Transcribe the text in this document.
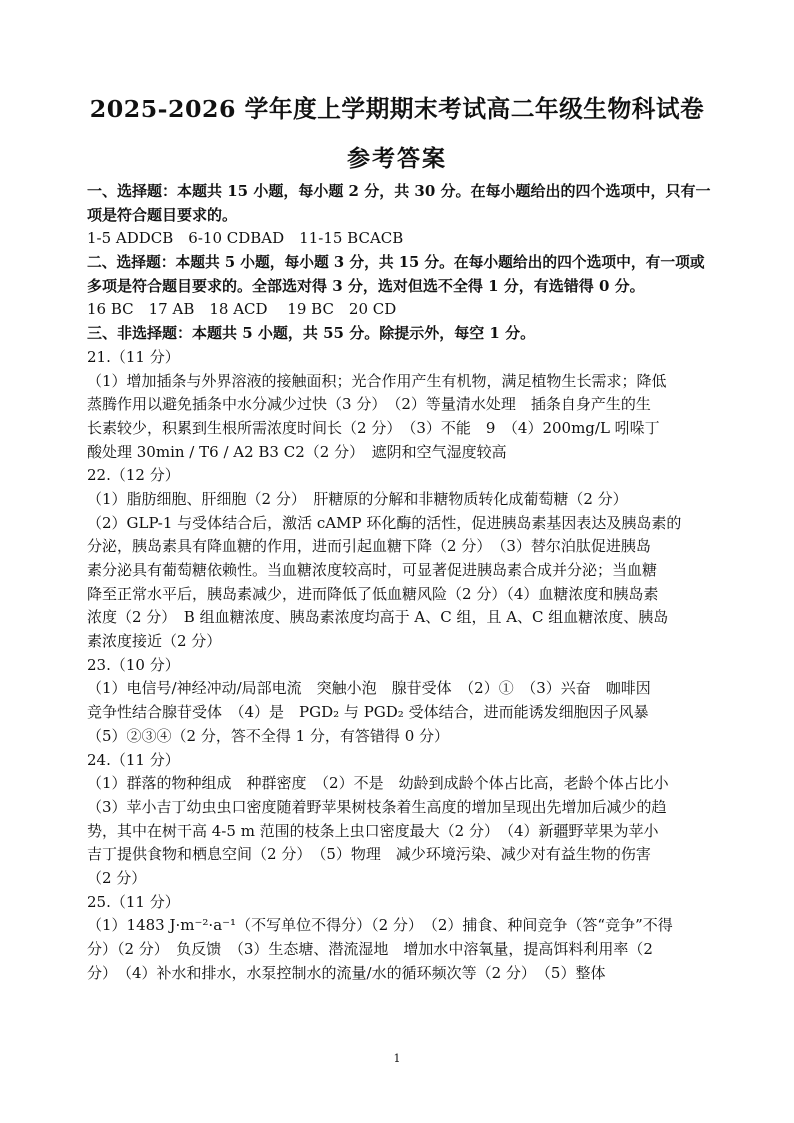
2025-2026 学年度上学期期末考试高二年级生物科试卷
参考答案
一、选择题：本题共 15 小题，每小题 2 分，共 30 分。在每小题给出的四个选项中，只有一
项是符合题目要求的。
1-5 ADDCB　6-10 CDBAD　11-15 BCACB
二、选择题：本题共 5 小题，每小题 3 分，共 15 分。在每小题给出的四个选项中，有一项或
多项是符合题目要求的。全部选对得 3 分，选对但选不全得 1 分，有选错得 0 分。
16 BC　17 AB　18 ACD　 19 BC　20 CD
三、非选择题：本题共 5 小题，共 55 分。除提示外，每空 1 分。
21.（11 分）
（1）增加插条与外界溶液的接触面积；光合作用产生有机物，满足植物生长需求；降低
蒸腾作用以避免插条中水分减少过快（3 分）　（2）等量清水处理　插条自身产生的生
长素较少，积累到生根所需浓度时间长（2 分）　（3）不能　9　（4）200mg/L 吲哚丁
酸处理 30min / T6 / A2 B3 C2（2 分）　遮阴和空气湿度较高
22.（12 分）
（1）脂肪细胞、肝细胞（2 分）　肝糖原的分解和非糖物质转化成葡萄糖（2 分）
（2）GLP-1 与受体结合后，激活 cAMP 环化酶的活性，促进胰岛素基因表达及胰岛素的
分泌，胰岛素具有降血糖的作用，进而引起血糖下降（2 分）　（3）替尔泊肽促进胰岛
素分泌具有葡萄糖依赖性。当血糖浓度较高时，可显著促进胰岛素合成并分泌；当血糖
降至正常水平后，胰岛素减少，进而降低了低血糖风险（2 分）（4）血糖浓度和胰岛素
浓度（2 分）　B 组血糖浓度、胰岛素浓度均高于 A、C 组，且 A、C 组血糖浓度、胰岛
素浓度接近（2 分）
23.（10 分）
（1）电信号/神经冲动/局部电流　突触小泡　腺苷受体　（2）①　（3）兴奋　咖啡因
竞争性结合腺苷受体　（4）是　PGD₂ 与 PGD₂ 受体结合，进而能诱发细胞因子风暴
（5）②③④（2 分，答不全得 1 分，有答错得 0 分）
24.（11 分）
（1）群落的物种组成　种群密度　（2）不是　幼龄到成龄个体占比高，老龄个体占比小
（3）苹小吉丁幼虫虫口密度随着野苹果树枝条着生高度的增加呈现出先增加后减少的趋
势，其中在树干高 4-5 m 范围的枝条上虫口密度最大（2 分）　（4）新疆野苹果为苹小
吉丁提供食物和栖息空间（2 分）　（5）物理　减少环境污染、减少对有益生物的伤害
（2 分）
25.（11 分）
（1）1483 J·m⁻²·a⁻¹（不写单位不得分）（2 分）　（2）捕食、种间竞争（答“竞争”不得
分）（2 分）　负反馈　（3）生态塘、潜流湿地　增加水中溶氧量，提高饵料利用率（2
分）　（4）补水和排水，水泵控制水的流量/水的循环频次等（2 分）　（5）整体
1
